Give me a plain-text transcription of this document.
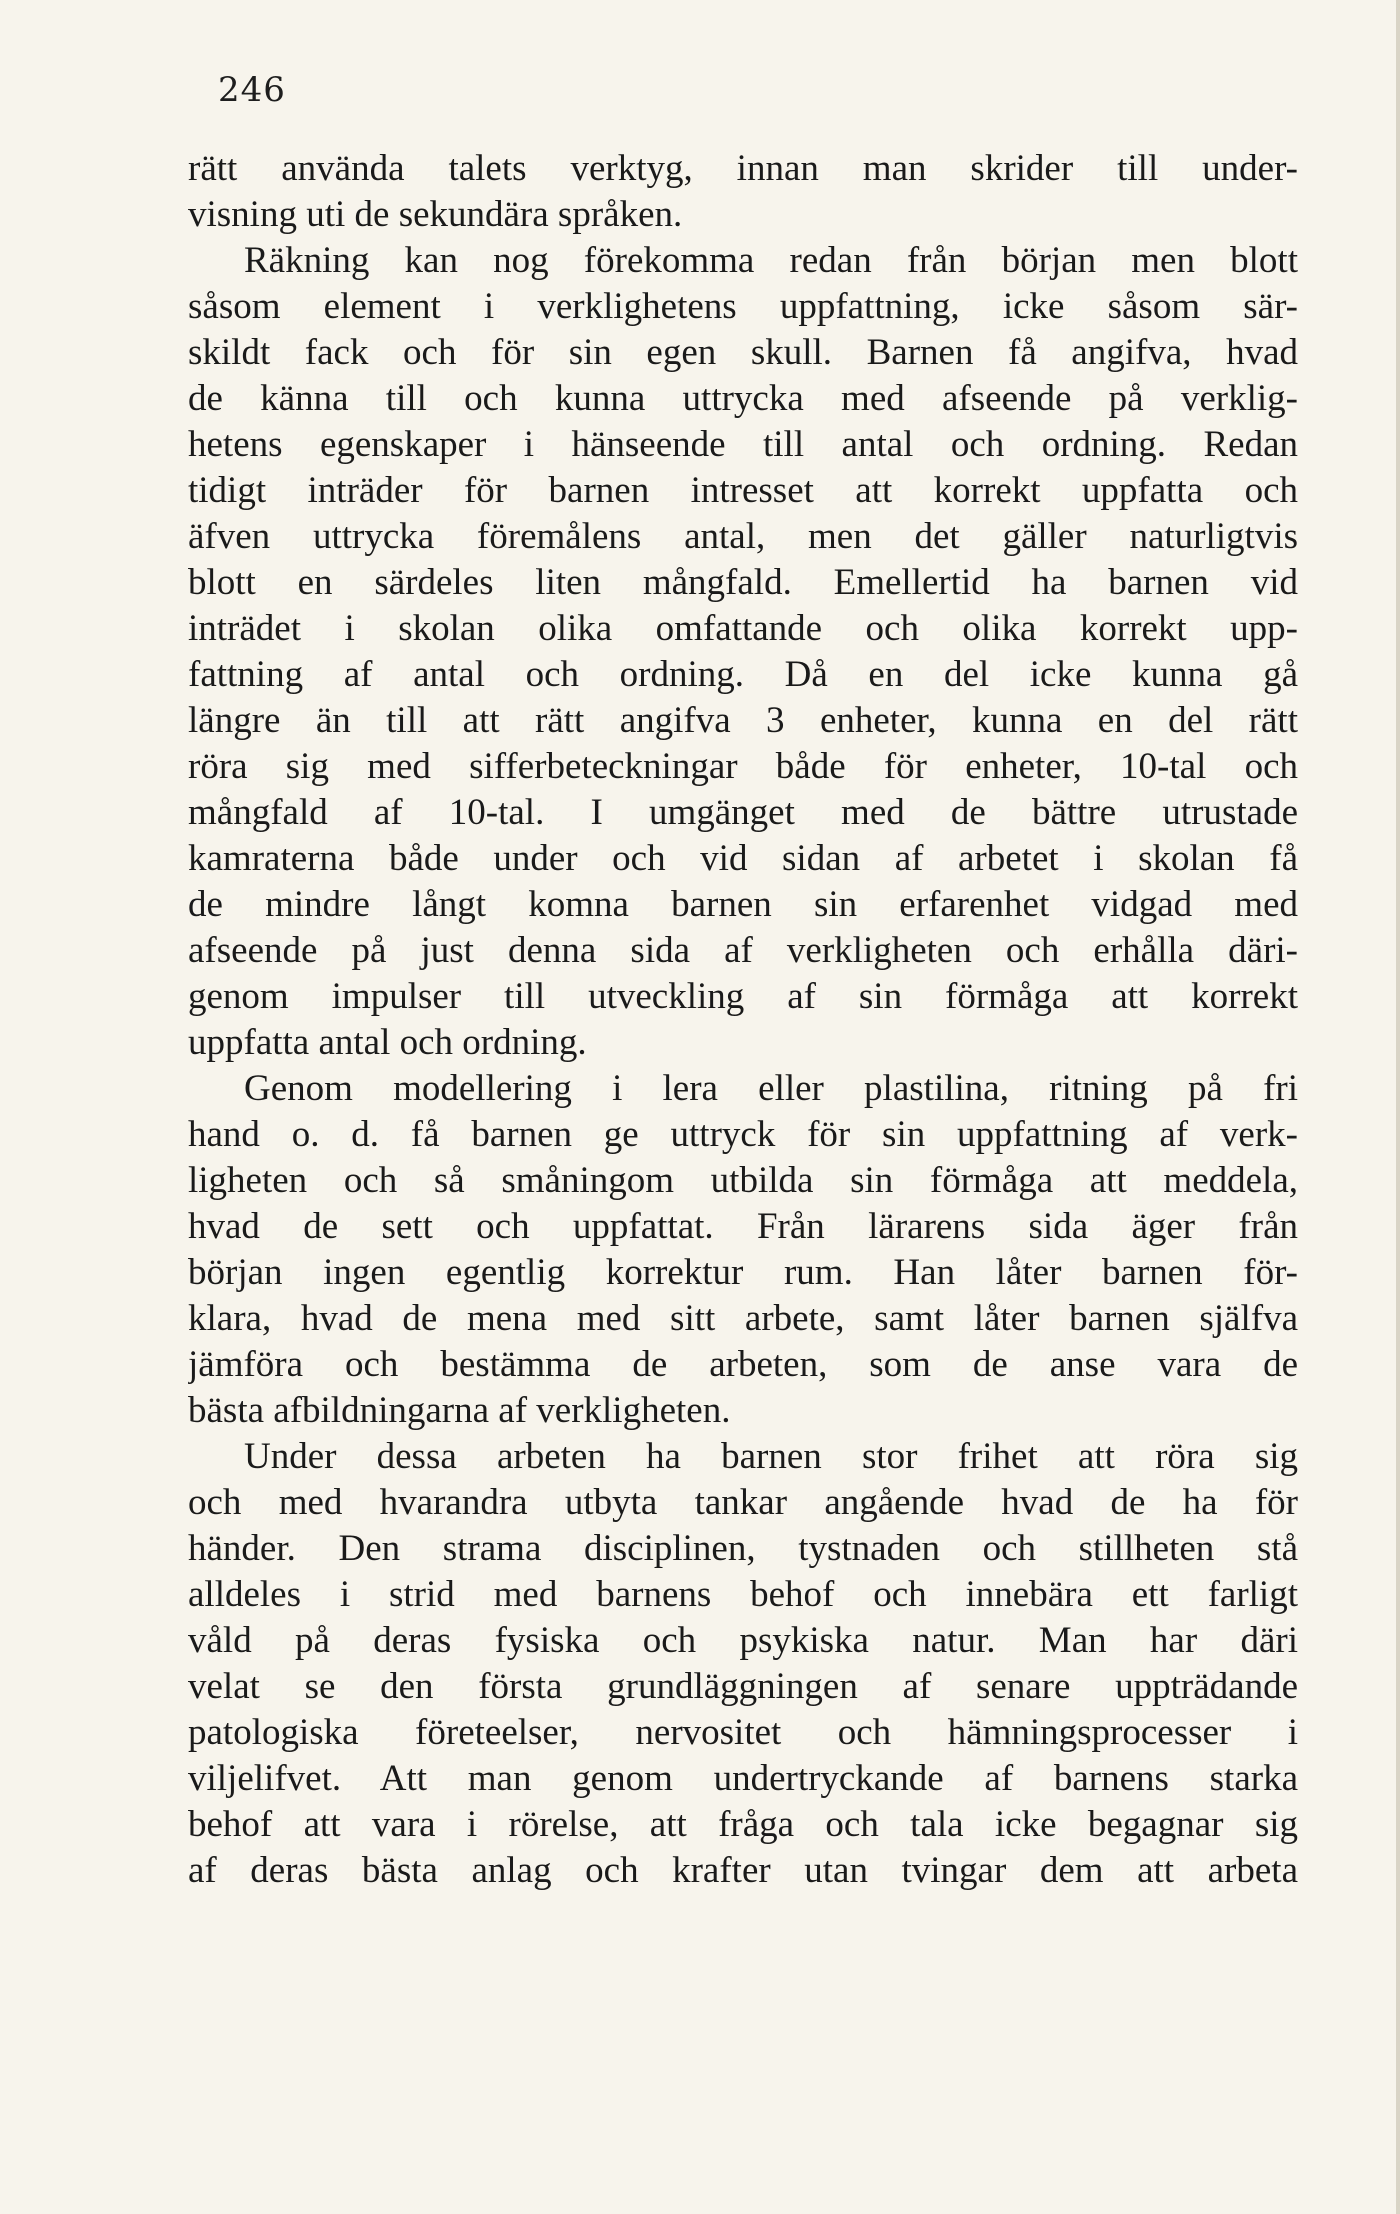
246
rätt använda talets verktyg, innan man skrider till under-
visning uti de sekundära språken.
Räkning kan nog förekomma redan från början men blott
såsom element i verklighetens uppfattning, icke såsom sär-
skildt fack och för sin egen skull. Barnen få angifva, hvad
de känna till och kunna uttrycka med afseende på verklig-
hetens egenskaper i hänseende till antal och ordning. Redan
tidigt inträder för barnen intresset att korrekt uppfatta och
äfven uttrycka föremålens antal, men det gäller naturligtvis
blott en särdeles liten mångfald. Emellertid ha barnen vid
inträdet i skolan olika omfattande och olika korrekt upp-
fattning af antal och ordning. Då en del icke kunna gå
längre än till att rätt angifva 3 enheter, kunna en del rätt
röra sig med sifferbeteckningar både för enheter, 10-tal och
mångfald af 10-tal. I umgänget med de bättre utrustade
kamraterna både under och vid sidan af arbetet i skolan få
de mindre långt komna barnen sin erfarenhet vidgad med
afseende på just denna sida af verkligheten och erhålla däri-
genom impulser till utveckling af sin förmåga att korrekt
uppfatta antal och ordning.
Genom modellering i lera eller plastilina, ritning på fri
hand o. d. få barnen ge uttryck för sin uppfattning af verk-
ligheten och så småningom utbilda sin förmåga att meddela,
hvad de sett och uppfattat. Från lärarens sida äger från
början ingen egentlig korrektur rum. Han låter barnen för-
klara, hvad de mena med sitt arbete, samt låter barnen själfva
jämföra och bestämma de arbeten, som de anse vara de
bästa afbildningarna af verkligheten.
Under dessa arbeten ha barnen stor frihet att röra sig
och med hvarandra utbyta tankar angående hvad de ha för
händer. Den strama disciplinen, tystnaden och stillheten stå
alldeles i strid med barnens behof och innebära ett farligt
våld på deras fysiska och psykiska natur. Man har däri
velat se den första grundläggningen af senare uppträdande
patologiska företeelser, nervositet och hämningsprocesser i
viljelifvet. Att man genom undertryckande af barnens starka
behof att vara i rörelse, att fråga och tala icke begagnar sig
af deras bästa anlag och krafter utan tvingar dem att arbeta
